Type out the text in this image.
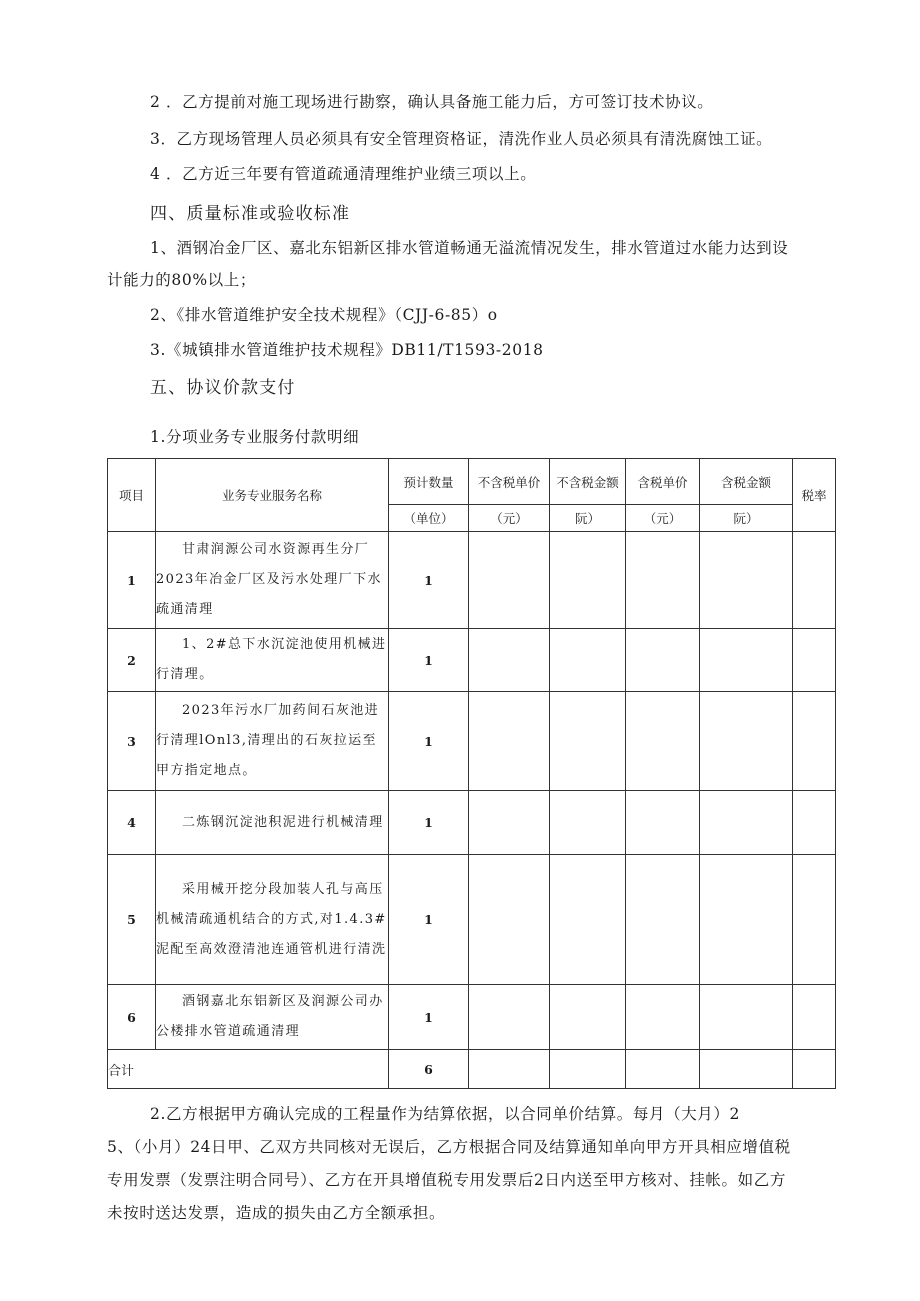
2 ．乙方提前对施工现场进行勘察，确认具备施工能力后，方可签订技术协议。
3．乙方现场管理人员必须具有安全管理资格证，清洗作业人员必须具有清洗腐蚀工证。
4 ．乙方近三年要有管道疏通清理维护业绩三项以上。
四、质量标准或验收标准
1、酒钢冶金厂区、嘉北东铝新区排水管道畅通无溢流情况发生，排水管道过水能力达到设
计能力的80%以上；
2、《排水管道维护安全技术规程》（CJJ-6-85）o
3.《城镇排水管道维护技术规程》DB11/T1593-2018
五、协议价款支付
1.分项业务专业服务付款明细
项目	业务专业服务名称	预计数量	不含税单价	不含税金额	含税单价	含税金额	税率
		（单位）	（元）	阮）	（元）	阮）	
1	甘肃润源公司水资源再生分厂2023年冶金厂区及污水处理厂下水疏通清理	1					
2	1、2#总下水沉淀池使用机械进行清理。	1					
3	2023年污水厂加药间石灰池进行清理lOnl3,清理出的石灰拉运至甲方指定地点。	1					
4	二炼钢沉淀池积泥进行机械清理	1					
5	采用械开挖分段加装人孔与高压机械清疏通机结合的方式,对1.4.3#泥配至高效澄清池连通管机进行清洗	1					
6	酒钢嘉北东铝新区及润源公司办公楼排水管道疏通清理	1					
合计		6					
2.乙方根据甲方确认完成的工程量作为结算依据，以合同单价结算。每月（大月）2
5、（小月）24日甲、乙双方共同核对无误后，乙方根据合同及结算通知单向甲方开具相应增值税
专用发票（发票注明合同号）、乙方在开具增值税专用发票后2日内送至甲方核对、挂帐。如乙方
未按时送达发票，造成的损失由乙方全额承担。
